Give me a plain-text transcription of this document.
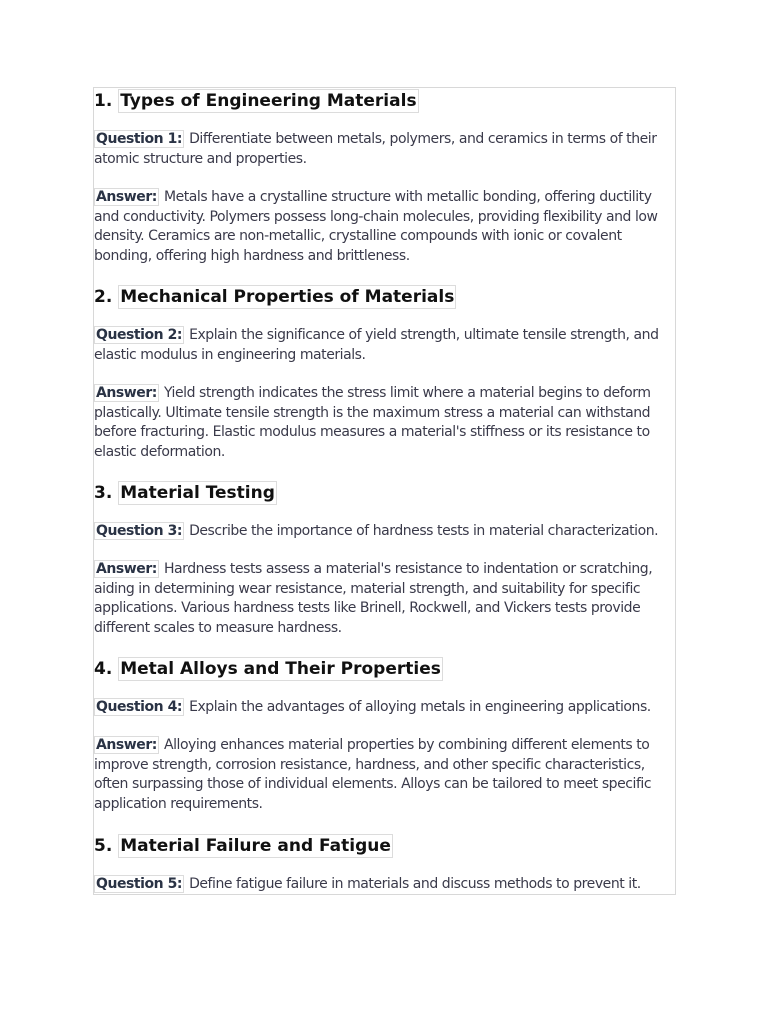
1. Types of Engineering Materials

Question 1: Differentiate between metals, polymers, and ceramics in terms of their atomic structure and properties.

Answer: Metals have a crystalline structure with metallic bonding, offering ductility and conductivity. Polymers possess long-chain molecules, providing flexibility and low density. Ceramics are non-metallic, crystalline compounds with ionic or covalent bonding, offering high hardness and brittleness.

2. Mechanical Properties of Materials

Question 2: Explain the significance of yield strength, ultimate tensile strength, and elastic modulus in engineering materials.

Answer: Yield strength indicates the stress limit where a material begins to deform plastically. Ultimate tensile strength is the maximum stress a material can withstand before fracturing. Elastic modulus measures a material's stiffness or its resistance to elastic deformation.

3. Material Testing

Question 3: Describe the importance of hardness tests in material characterization.

Answer: Hardness tests assess a material's resistance to indentation or scratching, aiding in determining wear resistance, material strength, and suitability for specific applications. Various hardness tests like Brinell, Rockwell, and Vickers tests provide different scales to measure hardness.

4. Metal Alloys and Their Properties

Question 4: Explain the advantages of alloying metals in engineering applications.

Answer: Alloying enhances material properties by combining different elements to improve strength, corrosion resistance, hardness, and other specific characteristics, often surpassing those of individual elements. Alloys can be tailored to meet specific application requirements.

5. Material Failure and Fatigue

Question 5: Define fatigue failure in materials and discuss methods to prevent it.
